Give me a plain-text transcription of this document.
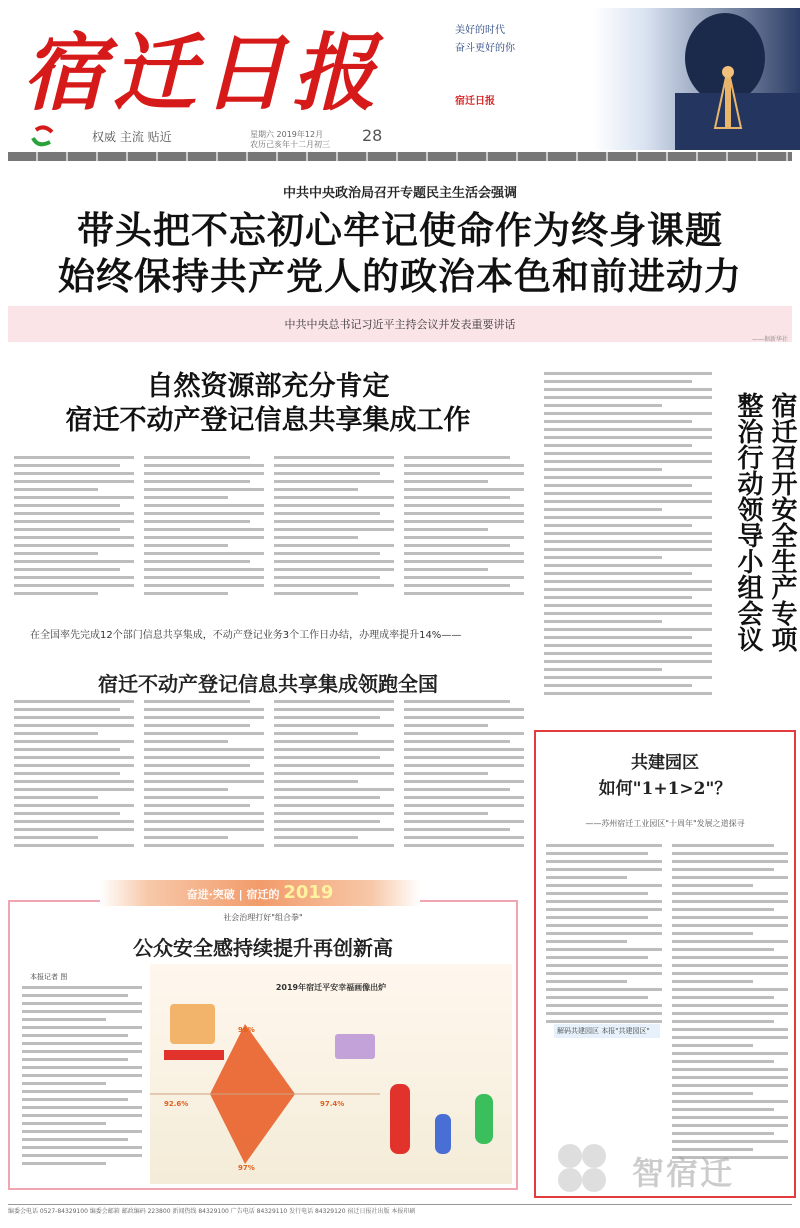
宿迁日报
权威 主流 贴近	星期六 2019年12月
农历己亥年十二月初三 28
美好的时代
奋斗更好的你
宿迁日报
中共中央政治局召开专题民主生活会强调
带头把不忘初心牢记使命作为终身课题
始终保持共产党人的政治本色和前进动力
中共中央总书记习近平主持会议并发表重要讲话
——据新华社
自然资源部充分肯定
宿迁不动产登记信息共享集成工作
在全国率先完成12个部门信息共享集成，不动产登记业务3个工作日办结，办理成率提升14%——
宿迁不动产登记信息共享集成领跑全国
宿迁召开安全生产专项
整治行动领导小组会议
共建园区
如何"1+1>2"？
——苏州宿迁工业园区"十周年"发展之道探寻
解码共建园区 本报"共建园区"
社会治理打好"组合拳"
公众安全感持续提升再创新高
本报记者 图
2019年宿迁平安幸福画像出炉
98%
92.6%	97.4%
97%
奋进·突破 | 宿迁的 2019
智宿迁
编委会电话 0527-84329100 编委会邮箱 邮政编码 223800 新闻热线 84329100 广告电话 84329110 发行电话 84329120 宿迁日报社出版 本报印刷
